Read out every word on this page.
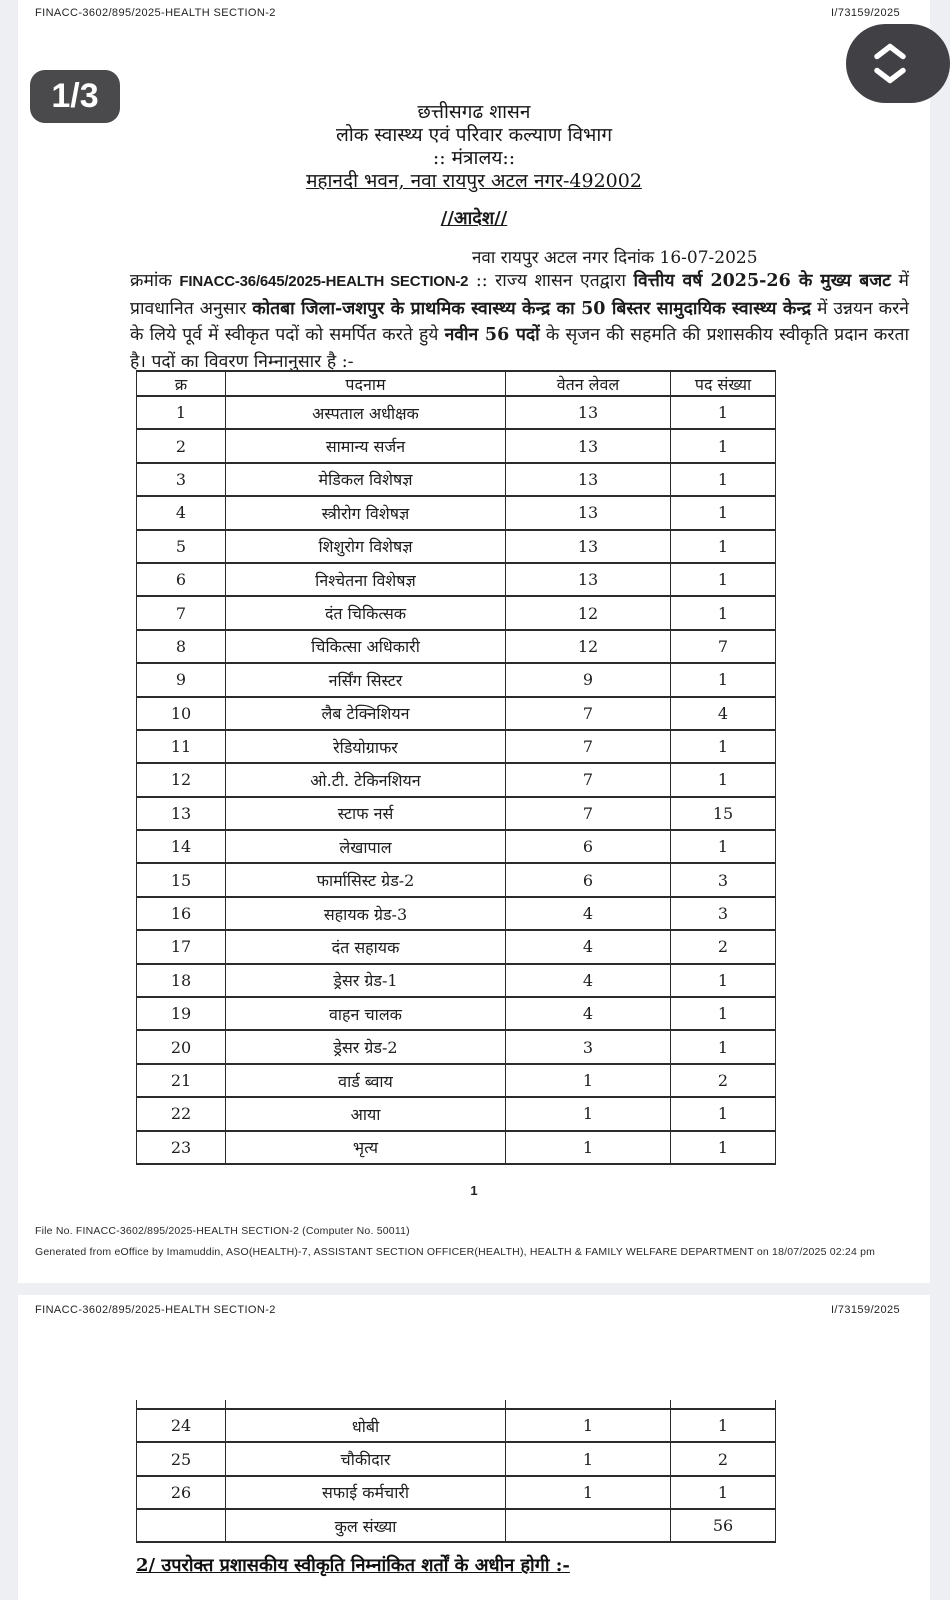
FINACC-3602/895/2025-HEALTH SECTION-2	I/73159/2025
1/3	छत्तीसगढ शासन
लोक स्वास्थ्य एवं परिवार कल्याण विभाग
:: मंत्रालय::
महानदी भवन, नवा रायपुर अटल नगर-492002
//आदेश//
नवा रायपुर अटल नगर दिनांक 16-07-2025

क्रमांक FINACC-36/645/2025-HEALTH SECTION-2 :: राज्य शासन एतद्वारा वित्तीय वर्ष 2025-26 के मुख्य बजट में प्रावधानित अनुसार कोतबा जिला-जशपुर के प्राथमिक स्वास्थ्य केन्द्र का 50 बिस्तर सामुदायिक स्वास्थ्य केन्द्र में उन्नयन करने के लिये पूर्व में स्वीकृत पदों को समर्पित करते हुये नवीन 56 पदों के सृजन की सहमति की प्रशासकीय स्वीकृति प्रदान करता है। पदों का विवरण निम्नानुसार है :-

क्र	पदनाम	वेतन लेवल	पद संख्या
1	अस्पताल अधीक्षक	13	1
2	सामान्य सर्जन	13	1
3	मेडिकल विशेषज्ञ	13	1
4	स्त्रीरोग विशेषज्ञ	13	1
5	शिशुरोग विशेषज्ञ	13	1
6	निश्चेतना विशेषज्ञ	13	1
7	दंत चिकित्सक	12	1
8	चिकित्सा अधिकारी	12	7
9	नर्सिंग सिस्टर	9	1
10	लैब टेक्निशियन	7	4
11	रेडियोग्राफर	7	1
12	ओ.टी. टेकिनशियन	7	1
13	स्टाफ नर्स	7	15
14	लेखापाल	6	1
15	फार्मासिस्ट ग्रेड-2	6	3
16	सहायक ग्रेड-3	4	3
17	दंत सहायक	4	2
18	ड्रेसर ग्रेड-1	4	1
19	वाहन चालक	4	1
20	ड्रेसर ग्रेड-2	3	1
21	वार्ड ब्वाय	1	2
22	आया	1	1
23	भृत्य	1	1
1
File No. FINACC-3602/895/2025-HEALTH SECTION-2 (Computer No. 50011)
Generated from eOffice by Imamuddin, ASO(HEALTH)-7, ASSISTANT SECTION OFFICER(HEALTH), HEALTH & FAMILY WELFARE DEPARTMENT on 18/07/2025 02:24 pm
FINACC-3602/895/2025-HEALTH SECTION-2	I/73159/2025

24	धोबी	1	1
25	चौकीदार	1	2
26	सफाई कर्मचारी	1	1
	कुल संख्या		56
2/ उपरोक्त प्रशासकीय स्वीकृति निम्नांकित शर्तों के अधीन होगी :-
